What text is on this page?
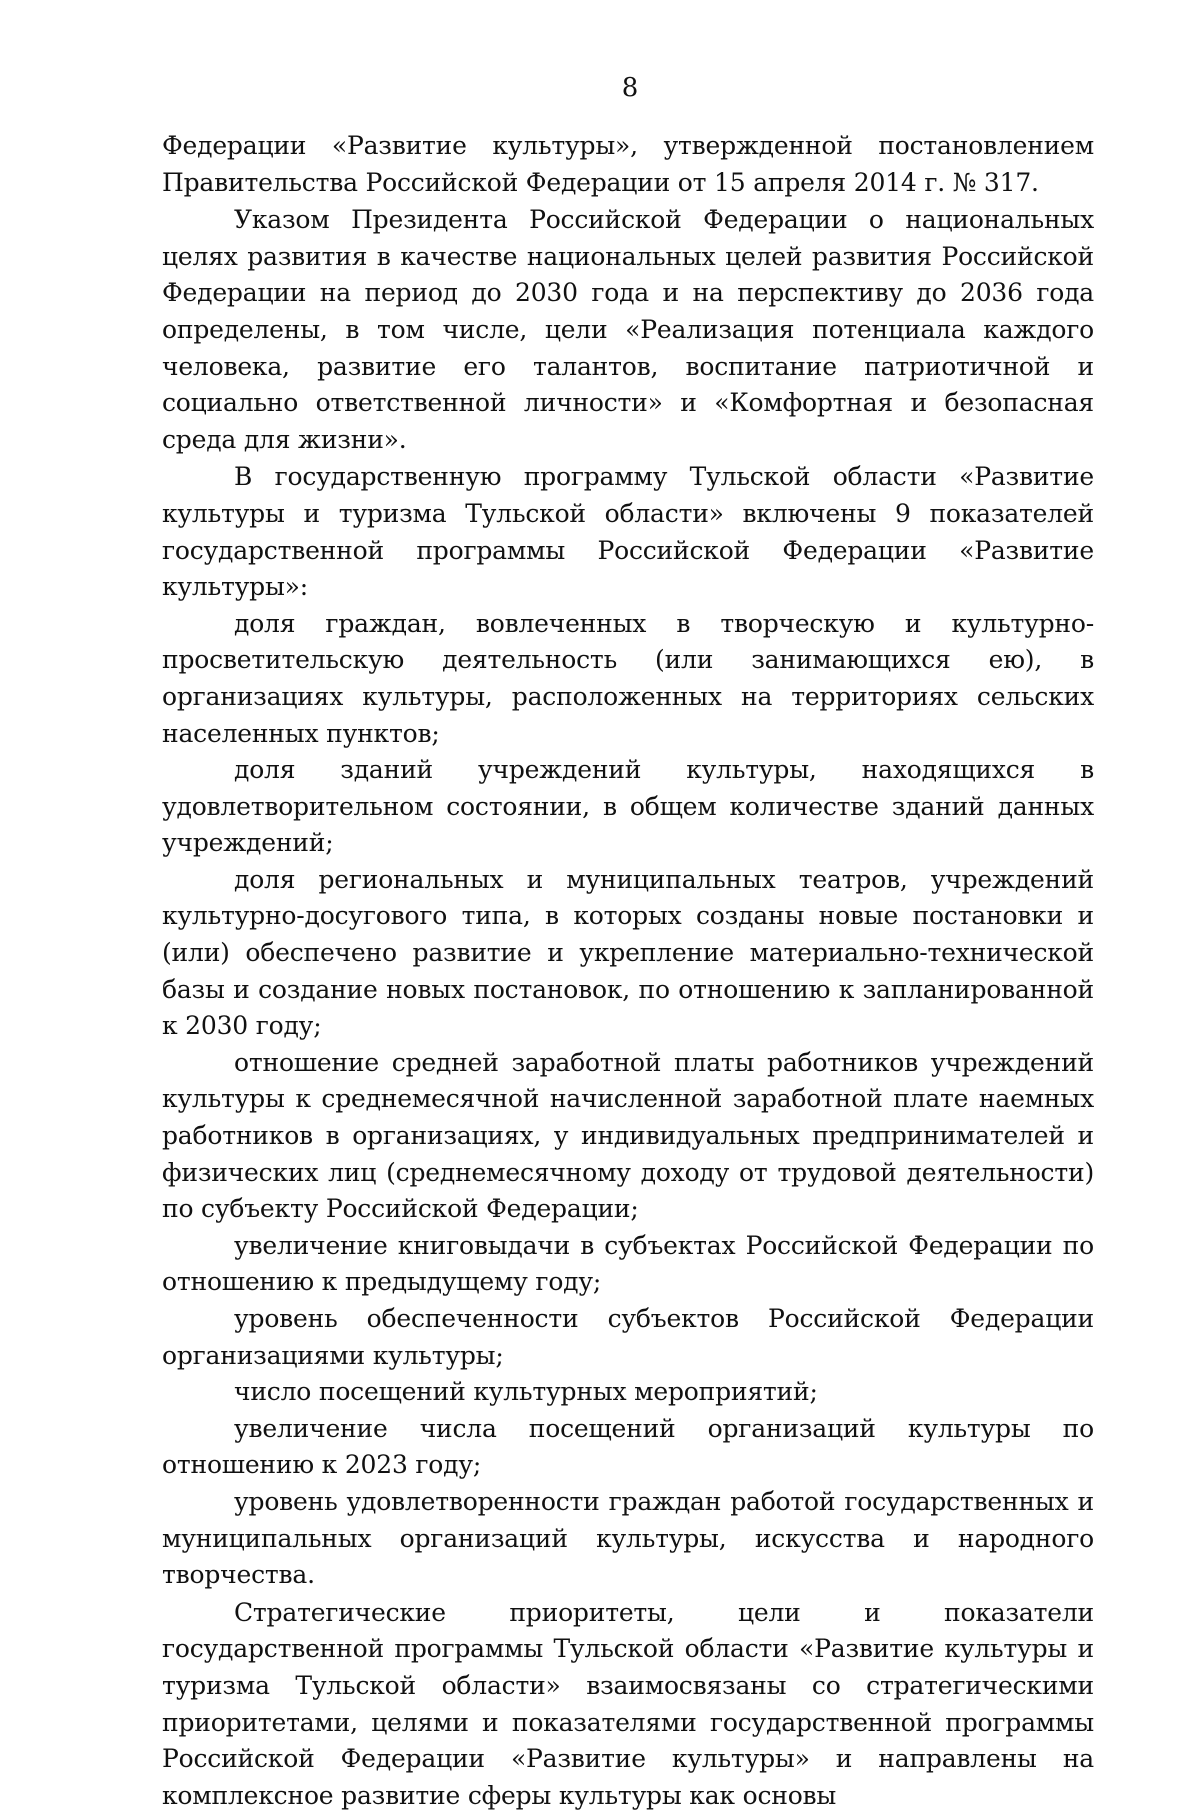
8

Федерации «Развитие культуры», утвержденной постановлением Правительства Российской Федерации от 15 апреля 2014 г. № 317.

Указом Президента Российской Федерации о национальных целях развития в качестве национальных целей развития Российской Федерации на период до 2030 года и на перспективу до 2036 года определены, в том числе, цели «Реализация потенциала каждого человека, развитие его талантов, воспитание патриотичной и социально ответственной личности» и «Комфортная и безопасная среда для жизни».

В государственную программу Тульской области «Развитие культуры и туризма Тульской области» включены 9 показателей государственной программы Российской Федерации «Развитие культуры»:

доля граждан, вовлеченных в творческую и культурно-просветительскую деятельность (или занимающихся ею), в организациях культуры, расположенных на территориях сельских населенных пунктов;

доля зданий учреждений культуры, находящихся в удовлетворительном состоянии, в общем количестве зданий данных учреждений;

доля региональных и муниципальных театров, учреждений культурно-досугового типа, в которых созданы новые постановки и (или) обеспечено развитие и укрепление материально-технической базы и создание новых постановок, по отношению к запланированной к 2030 году;

отношение средней заработной платы работников учреждений культуры к среднемесячной начисленной заработной плате наемных работников в организациях, у индивидуальных предпринимателей и физических лиц (среднемесячному доходу от трудовой деятельности) по субъекту Российской Федерации;

увеличение книговыдачи в субъектах Российской Федерации по отношению к предыдущему году;

уровень обеспеченности субъектов Российской Федерации организациями культуры;

число посещений культурных мероприятий;

увеличение числа посещений организаций культуры по отношению к 2023 году;

уровень удовлетворенности граждан работой государственных и муниципальных организаций культуры, искусства и народного творчества.

Стратегические приоритеты, цели и показатели государственной программы Тульской области «Развитие культуры и туризма Тульской области» взаимосвязаны со стратегическими приоритетами, целями и показателями государственной программы Российской Федерации «Развитие культуры» и направлены на комплексное развитие сферы культуры как основы
